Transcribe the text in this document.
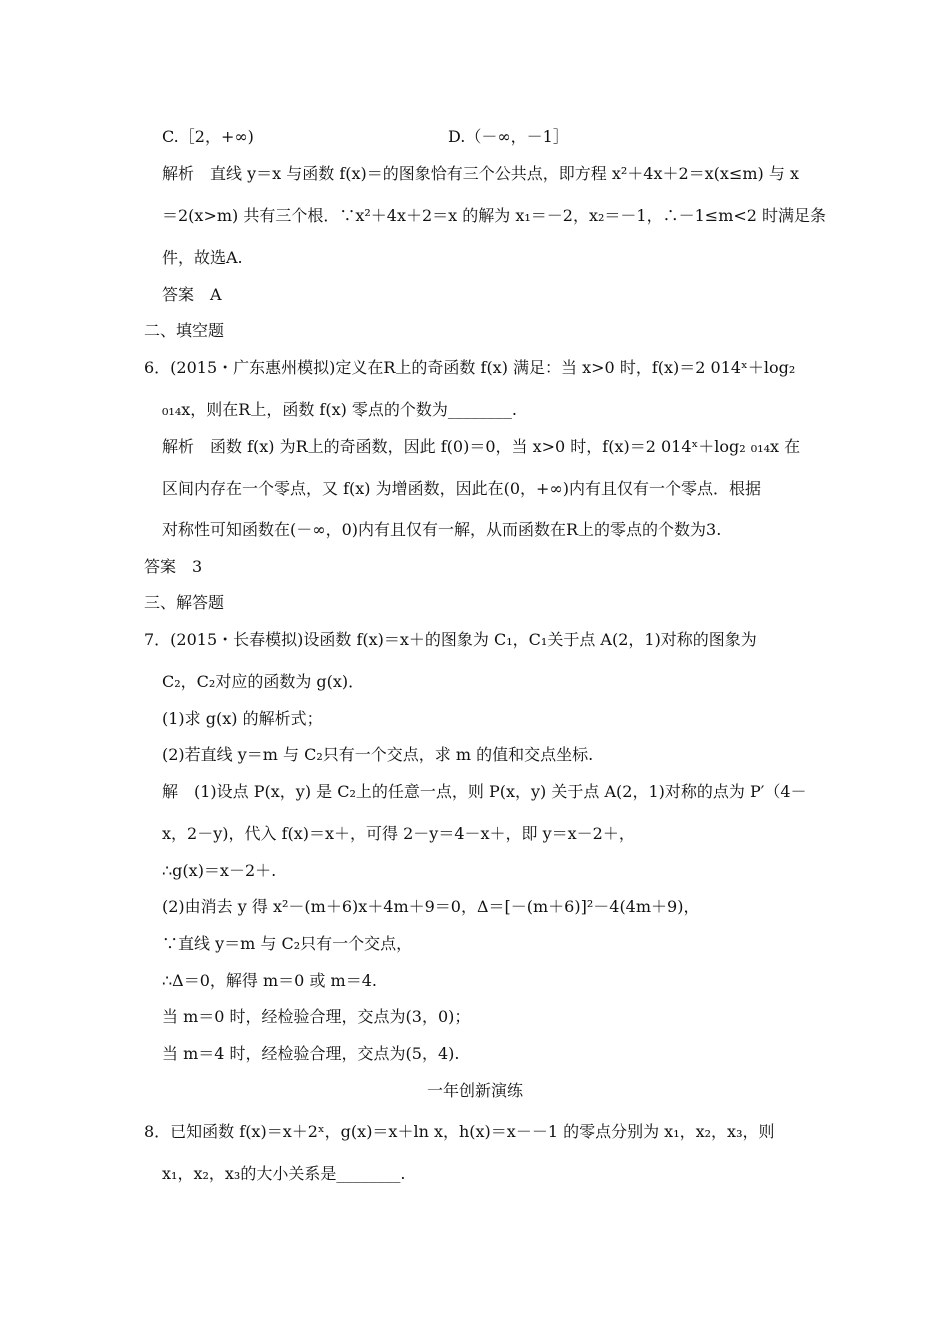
C.［2，+∞)	D.（－∞，－1］
解析　直线 y＝x 与函数 f(x)＝的图象恰有三个公共点，即方程 x²＋4x＋2＝x(x≤m) 与 x
＝2(x>m) 共有三个根．∵x²＋4x＋2＝x 的解为 x₁＝－2，x₂＝－1，∴－1≤m<2 时满足条
件，故选A.
答案　A
二、填空题
6．(2015・广东惠州模拟)定义在R上的奇函数 f(x) 满足：当 x>0 时，f(x)＝2 014ˣ＋log₂
₀₁₄x，则在R上，函数 f(x) 零点的个数为________.
解析　函数 f(x) 为R上的奇函数，因此 f(0)＝0，当 x>0 时，f(x)＝2 014ˣ＋log₂ ₀₁₄x 在
区间内存在一个零点，又 f(x) 为增函数，因此在(0，+∞)内有且仅有一个零点．根据
对称性可知函数在(－∞，0)内有且仅有一解，从而函数在R上的零点的个数为3.
答案　3
三、解答题
7．(2015・长春模拟)设函数 f(x)＝x＋的图象为 C₁，C₁关于点 A(2，1)对称的图象为
C₂，C₂对应的函数为 g(x)．
(1)求 g(x) 的解析式；
(2)若直线 y＝m 与 C₂只有一个交点，求 m 的值和交点坐标.
解　(1)设点 P(x，y) 是 C₂上的任意一点，则 P(x，y) 关于点 A(2，1)对称的点为 P′（4－
x，2－y)，代入 f(x)＝x＋，可得 2－y＝4－x＋，即 y＝x－2＋，
∴g(x)＝x－2＋.
(2)由消去 y 得 x²－(m＋6)x＋4m＋9＝0，Δ＝[－(m＋6)]²－4(4m＋9)，
∵直线 y＝m 与 C₂只有一个交点，
∴Δ＝0，解得 m＝0 或 m＝4.
当 m＝0 时，经检验合理，交点为(3，0)；
当 m＝4 时，经检验合理，交点为(5，4).
一年创新演练
8．已知函数 f(x)＝x＋2ˣ，g(x)＝x＋ln x，h(x)＝x－－1 的零点分别为 x₁，x₂，x₃，则
x₁，x₂，x₃的大小关系是________.
